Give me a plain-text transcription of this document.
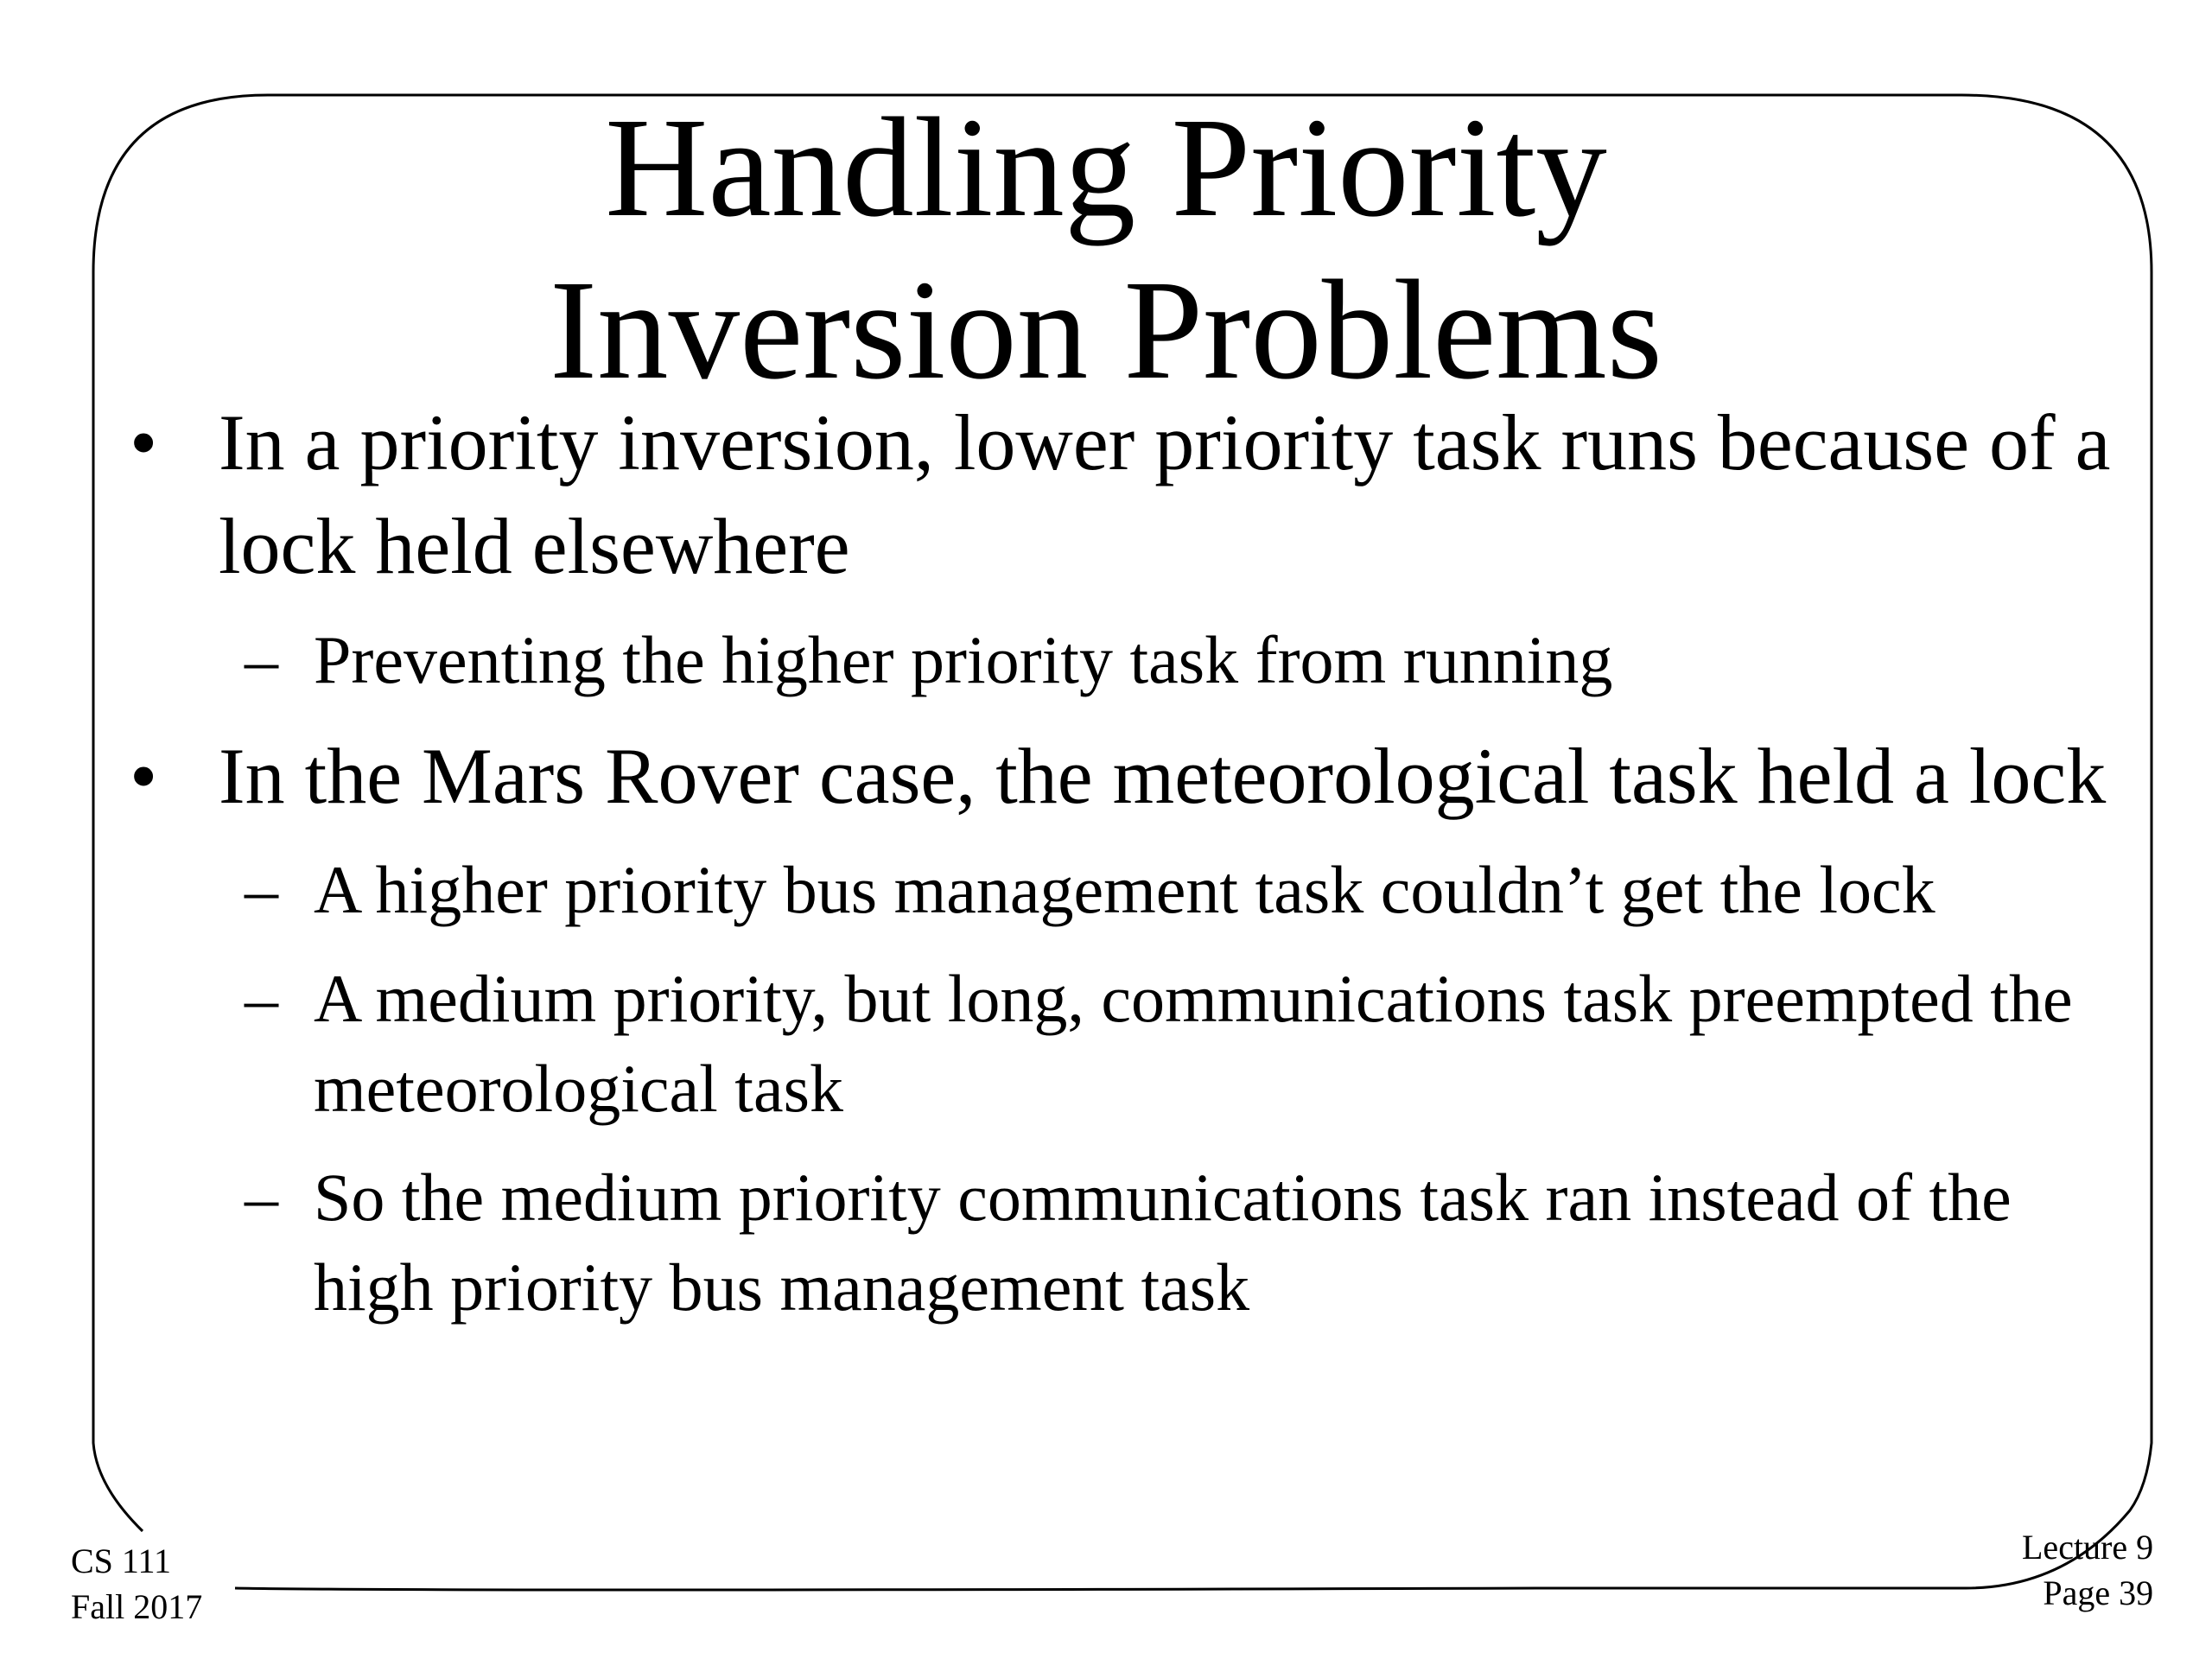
Handling Priority
Inversion Problems
• In a priority inversion, lower priority task runs because of a lock held elsewhere
– Preventing the higher priority task from running
• In the Mars Rover case, the meteorological task held a lock
– A higher priority bus management task couldn’t get the lock
– A medium priority, but long, communications task preempted the meteorological task
– So the medium priority communications task ran instead of the high priority bus management task
CS 111
Fall 2017
Lecture 9
Page 39
